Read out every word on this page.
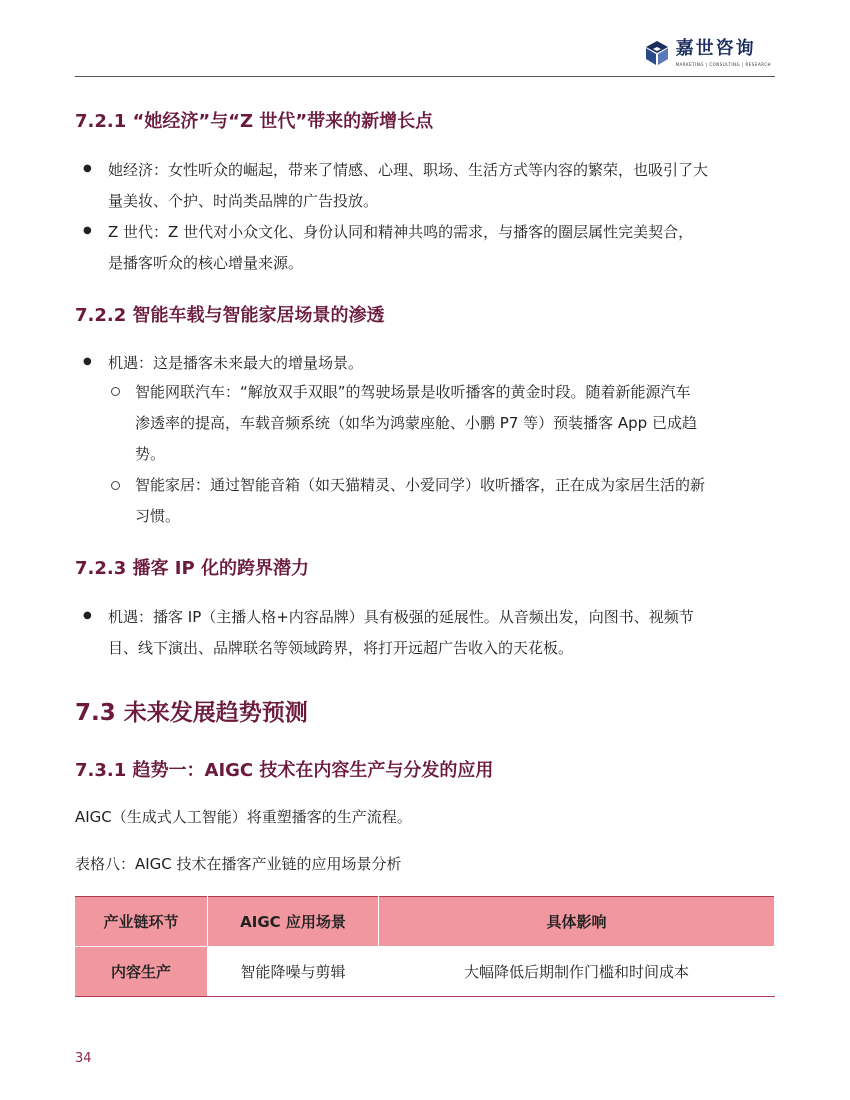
嘉世咨询
MARKETING | CONSULTING | RESEARCH
7.2.1 “她经济”与“Z 世代”带来的新增长点
● 她经济：女性听众的崛起，带来了情感、心理、职场、生活方式等内容的繁荣，也吸引了大
量美妆、个护、时尚类品牌的广告投放。
● Z 世代：Z 世代对小众文化、身份认同和精神共鸣的需求，与播客的圈层属性完美契合，
是播客听众的核心增量来源。
7.2.2 智能车载与智能家居场景的渗透
● 机遇：这是播客未来最大的增量场景。
智能网联汽车：“解放双手双眼”的驾驶场景是收听播客的黄金时段。随着新能源汽车
渗透率的提高，车载音频系统（如华为鸿蒙座舱、小鹏 P7 等）预装播客 App 已成趋
势。
智能家居：通过智能音箱（如天猫精灵、小爱同学）收听播客，正在成为家居生活的新
习惯。
7.2.3 播客 IP 化的跨界潜力
● 机遇：播客 IP（主播人格+内容品牌）具有极强的延展性。从音频出发，向图书、视频节
目、线下演出、品牌联名等领域跨界，将打开远超广告收入的天花板。
7.3 未来发展趋势预测
7.3.1 趋势一：AIGC 技术在内容生产与分发的应用
AIGC（生成式人工智能）将重塑播客的生产流程。
表格八：AIGC 技术在播客产业链的应用场景分析
产业链环节	AIGC 应用场景	具体影响
内容生产	智能降噪与剪辑	大幅降低后期制作门槛和时间成本
34
